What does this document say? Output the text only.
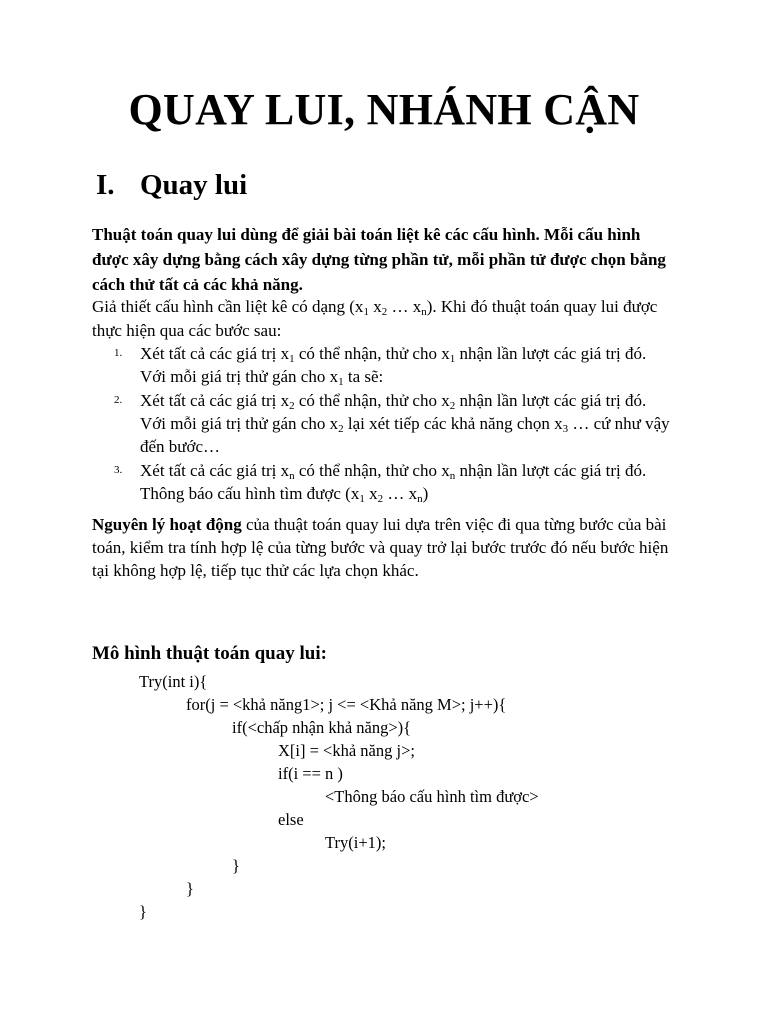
QUAY LUI, NHÁNH CẬN
I. Quay lui

Thuật toán quay lui dùng để giải bài toán liệt kê các cấu hình. Mỗi cấu hình được xây dựng bằng cách xây dựng từng phần tử, mỗi phần tử được chọn bằng cách thử tất cả các khả năng.

Giả thiết cấu hình cần liệt kê có dạng ($x_1$ $x_2$ … $x_n$). Khi đó thuật toán quay lui được thực hiện qua các bước sau:

1. Xét tất cả các giá trị $x_1$ có thể nhận, thử cho $x_1$ nhận lần lượt các giá trị đó. Với mỗi giá trị thử gán cho $x_1$ ta sẽ:
2. Xét tất cả các giá trị $x_2$ có thể nhận, thử cho $x_2$ nhận lần lượt các giá trị đó. Với mỗi giá trị thử gán cho $x_2$ lại xét tiếp các khả năng chọn $x_3$ … cứ như vậy đến bước…
3. Xét tất cả các giá trị $x_n$ có thể nhận, thử cho $x_n$ nhận lần lượt các giá trị đó. Thông báo cấu hình tìm được ($x_1$ $x_2$ … $x_n$)

Nguyên lý hoạt động của thuật toán quay lui dựa trên việc đi qua từng bước của bài toán, kiểm tra tính hợp lệ của từng bước và quay trở lại bước trước đó nếu bước hiện tại không hợp lệ, tiếp tục thử các lựa chọn khác.

Mô hình thuật toán quay lui:
Try(int i){
for(j = <khả năng1>; j <= <Khả năng M>; j++){
if(<chấp nhận khả năng>){
X[i] = <khả năng j>;
if(i == n )
<Thông báo cấu hình tìm được>
else
Try(i+1);
}
}
}
